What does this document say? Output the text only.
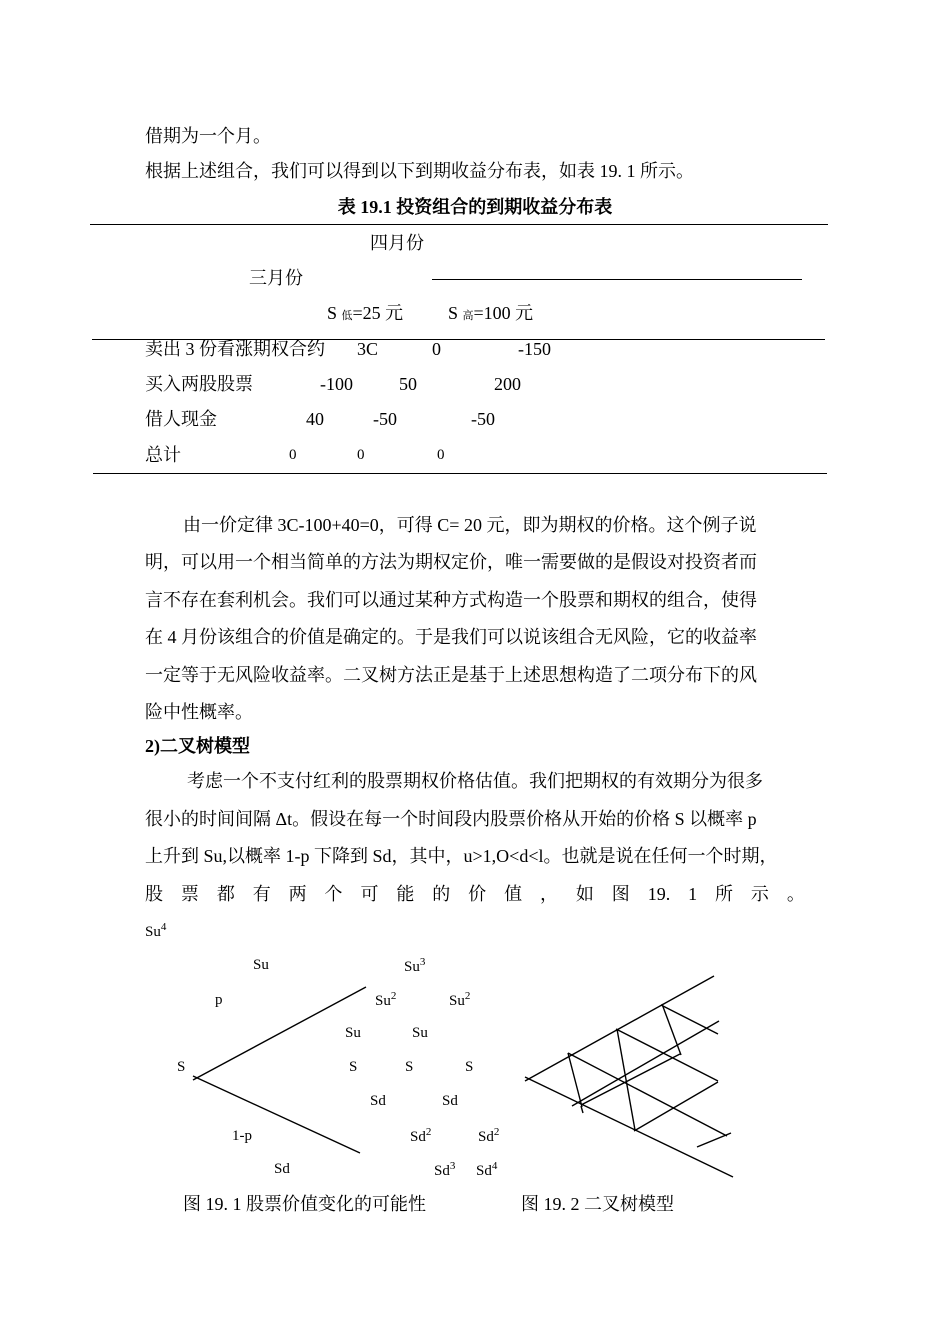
借期为一个月。
根据上述组合，我们可以得到以下到期收益分布表，如表 19. 1 所示。
表 19.1 投资组合的到期收益分布表
四月份
三月份
S 低=25 元 S 高=100 元
卖出 3 份看涨期权合约 3C	0	-150
买入两股股票	-100	50	200
借人现金	40	-50	-50
总计	0	0	0
由一价定律 3C-100+40=0，可得 C= 20 元，即为期权的价格。这个例子说
明，可以用一个相当简单的方法为期权定价，唯一需要做的是假设对投资者而
言不存在套利机会。我们可以通过某种方式构造一个股票和期权的组合，使得
在 4 月份该组合的价值是确定的。于是我们可以说该组合无风险，它的收益率
一定等于无风险收益率。二叉树方法正是基于上述思想构造了二项分布下的风
险中性概率。
2)二叉树模型
考虑一个不支付红利的股票期权价格估值。我们把期权的有效期分为很多
很小的时间间隔 Δt。假设在每一个时间段内股票价格从开始的价格 S 以概率 p
上升到 Su,以概率 1-p 下降到 Sd，其中，u>1,O<d<l。也就是说在任何一个时期，
股 票 都 有 两 个 可 能 的 价 值 ， 如 图 19. 1 所 示 。
Su$^4$
Su
p
S
1-p
Sd
Su$^3$
Su$^2$	Su$^2$
Su	Su
S	S	S
Sd	Sd
Sd$^2$	Sd$^2$
Sd$^3$ Sd$^4$
图 19. 1 股票价值变化的可能性	图 19. 2 二叉树模型
